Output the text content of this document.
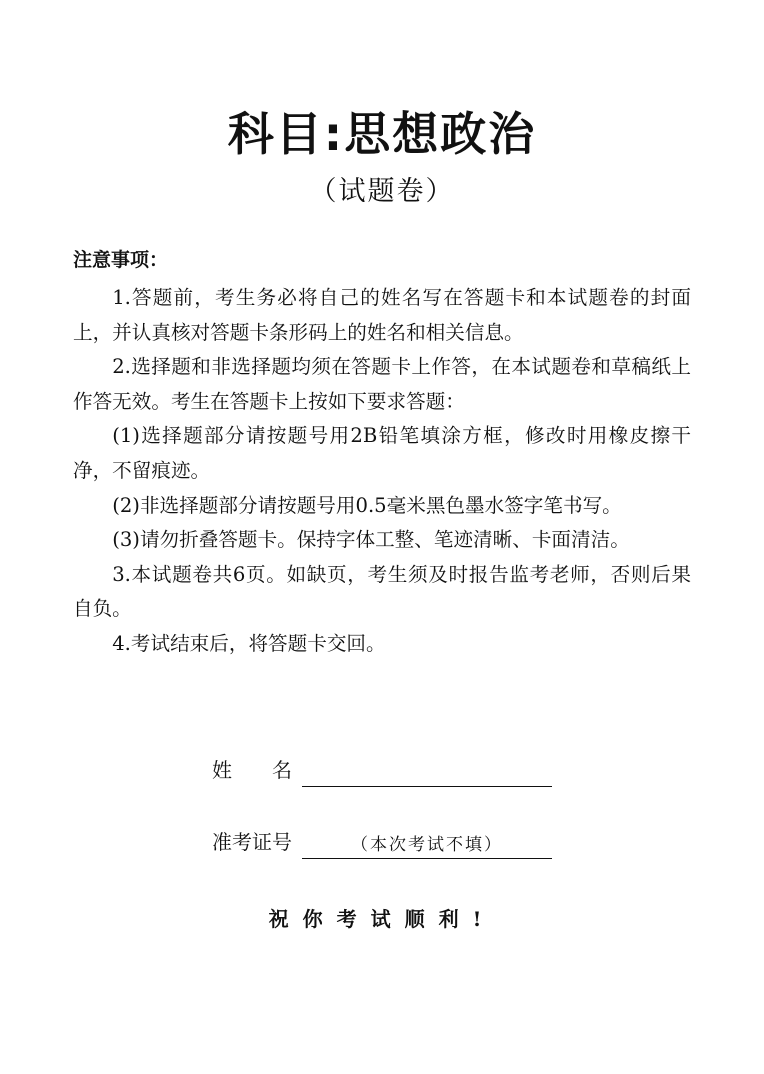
科目:思想政治
（试题卷）
注意事项：

1.答题前，考生务必将自己的姓名写在答题卡和本试题卷的封面上，并认真核对答题卡条形码上的姓名和相关信息。

2.选择题和非选择题均须在答题卡上作答，在本试题卷和草稿纸上作答无效。考生在答题卡上按如下要求答题：

(1)选择题部分请按题号用2B铅笔填涂方框，修改时用橡皮擦干净，不留痕迹。

(2)非选择题部分请按题号用0.5毫米黑色墨水签字笔书写。

(3)请勿折叠答题卡。保持字体工整、笔迹清晰、卡面清洁。

3.本试题卷共6页。如缺页，考生须及时报告监考老师，否则后果自负。

4.考试结束后，将答题卡交回。

姓　　名
准考证号	（本次考试不填）
祝你考试顺利!
